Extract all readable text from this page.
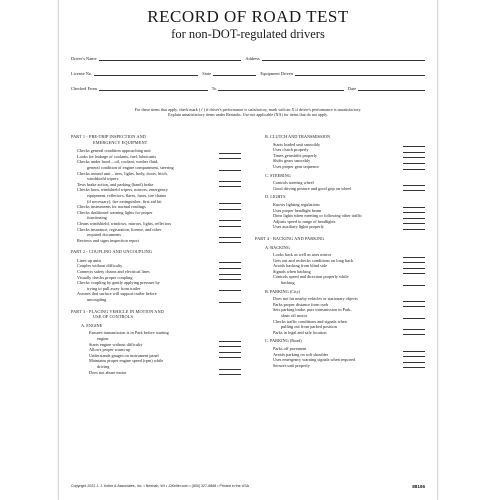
RECORD OF ROAD TEST
for non-DOT-regulated drivers
Driver's Name	Address
License No.	State	Equipment Driven
Checked From	To	Date
For these items that apply, check mark (✓) if driver's performance is satisfactory, mark with an X if driver's performance is unsatisfactory.
Explain unsatisfactory items under Remarks. Use not applicable (NA) for items that do not apply.
PART 1 - PRE-TRIP INSPECTION AND
EMERGENCY EQUIPMENT
Checks general condition approaching unit
Looks for leakage of coolants, fuel, lubricants
Checks under hood – oil, coolant, washer fluid,
general condition of engine compartment, steering
Checks around unit – tires, lights, body, doors, hitch,
windshield wipers
Tests brake action, and parking (hand) brake
Checks horn, windshield wipers, mirrors, emergency
equipment, reflectors, flares, fuses, tire chains
(if necessary), fire extinguisher, first aid kit
Checks instruments for normal readings
Checks dashboard warning lights for proper
functioning
Cleans windshield, windows, mirrors, lights, reflectors
Checks insurance, registration, license, and other
required documents
Reviews and signs inspection report
PART 2 - COUPLING AND UNCOUPLING
Lines up units
Couples without difficulty
Connects safety chains and electrical lines
Visually checks proper coupling
Checks coupling by gently applying pressure by
trying to pull away from trailer
Assures that surface will support trailer before
uncoupling
PART 3 - PLACING VEHICLE IN MOTION AND
USE OF CONTROLS
A. ENGINE
Ensures transmission is in Park before starting
engine
Starts engine without difficulty
Allows proper warm-up
Understands gauges on instrument panel
Maintains proper engine speed (rpm) while
driving
Does not abuse motor
B. CLUTCH AND TRANSMISSION
Starts loaded unit smoothly
Uses clutch properly
Times gearshifts properly
Shifts gears smoothly
Uses proper gear sequence
C. STEERING
Controls steering wheel
Good driving posture and good grip on wheel
D. LIGHTS
Knows lighting regulations
Uses proper headlight beam
Dims lights when meeting or following other traffic
Adjusts speed to range of headlights
Uses auxiliary lights properly
PART 4 - BACKING AND PARKING
A. BACKING
Looks back as well as uses mirror
Gets out and rechecks conditions on long back
Avoids backing from blind side
Signals when backing
Controls speed and direction properly while
backing
B. PARKING (City)
Does not hit nearby vehicles or stationary objects
Parks proper distance from curb
Sets parking brake, puts transmission in Park,
shuts off motor
Checks traffic conditions and signals when
pulling out from parked position
Parks in legal and safe location
C. PARKING (Road)
Parks off pavement
Avoids parking on soft shoulder
Uses emergency warning signals when required
Secures unit properly
Copyright 2022 J. J. Keller & Associates, Inc. • Neenah, WI • JJKeller.com • (800) 327-6868 • Printed in the USA	88156
